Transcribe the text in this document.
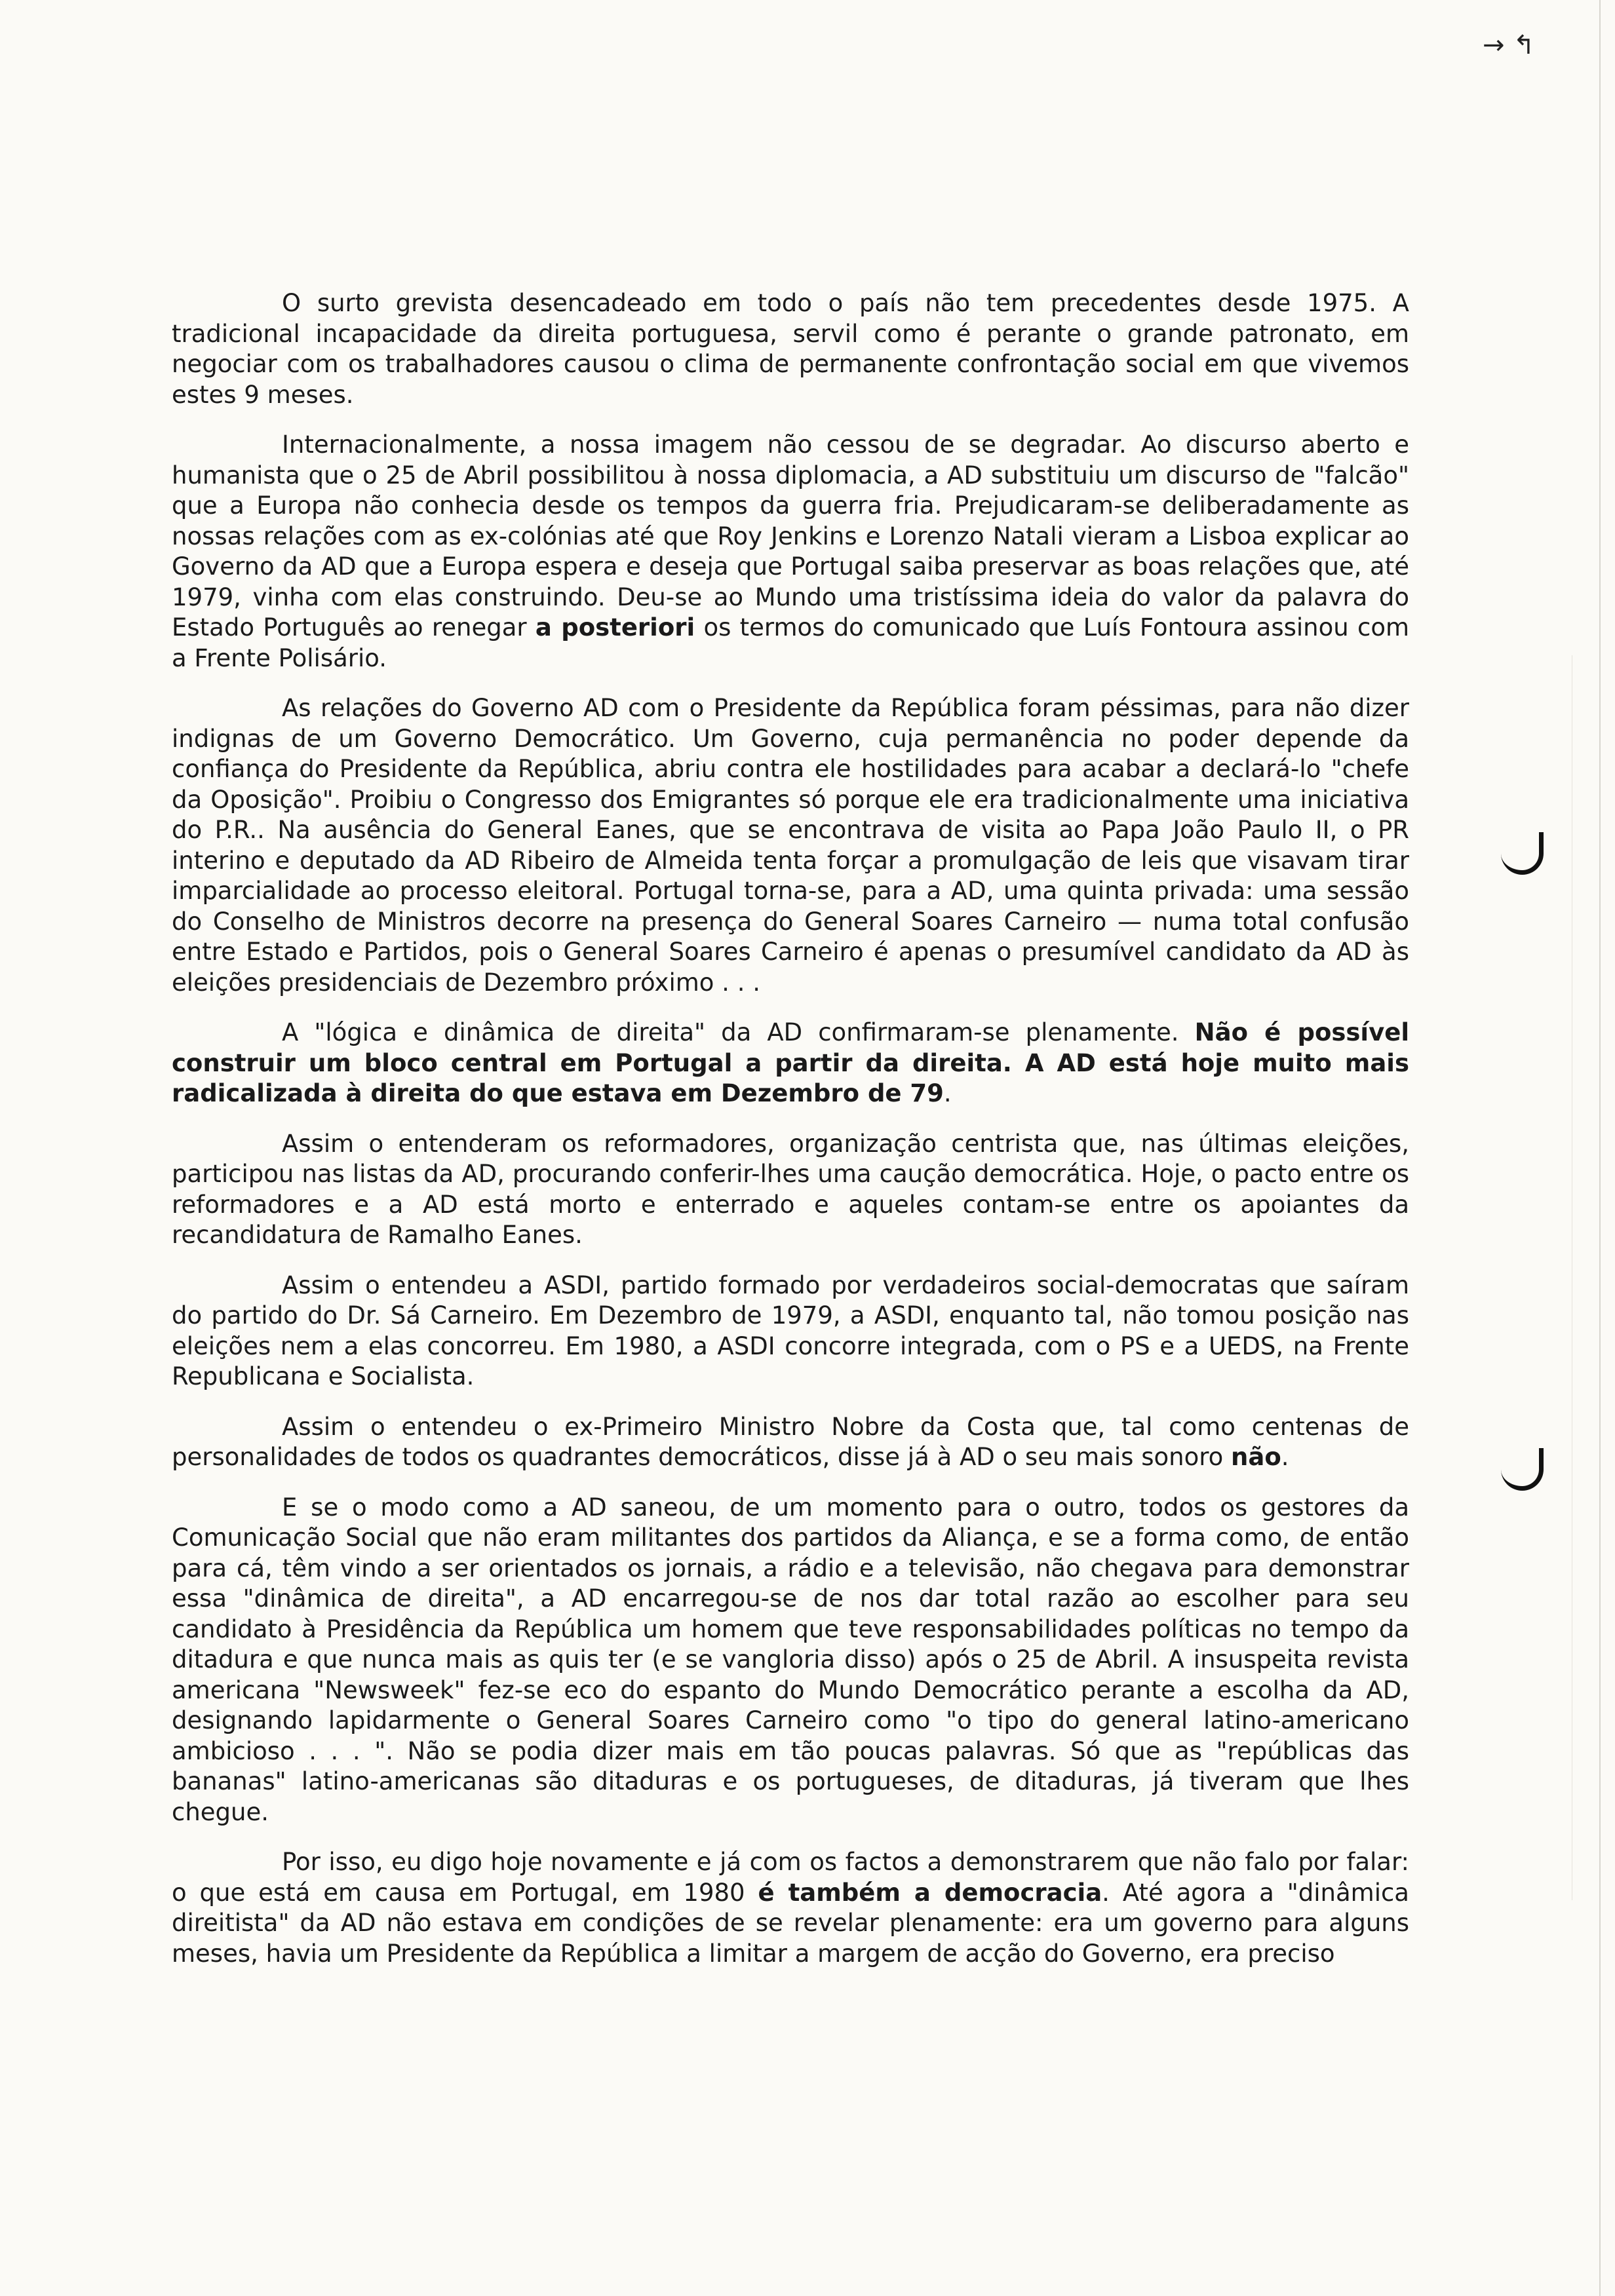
→ ↰

O surto grevista desencadeado em todo o país não tem precedentes desde 1975. A tradicional incapacidade da direita portuguesa, servil como é perante o grande patronato, em negociar com os trabalhadores causou o clima de permanente confrontação social em que vivemos estes 9 meses.

Internacionalmente, a nossa imagem não cessou de se degradar. Ao discurso aberto e humanista que o 25 de Abril possibilitou à nossa diplomacia, a AD substituiu um discurso de "falcão" que a Europa não conhecia desde os tempos da guerra fria. Prejudicaram-se deliberadamente as nossas relações com as ex-colónias até que Roy Jenkins e Lorenzo Natali vieram a Lisboa explicar ao Governo da AD que a Europa espera e deseja que Portugal saiba preservar as boas relações que, até 1979, vinha com elas construindo. Deu-se ao Mundo uma tristíssima ideia do valor da palavra do Estado Português ao renegar a posteriori os termos do comunicado que Luís Fontoura assinou com a Frente Polisário.

As relações do Governo AD com o Presidente da República foram péssimas, para não dizer indignas de um Governo Democrático. Um Governo, cuja permanência no poder depende da confiança do Presidente da República, abriu contra ele hostilidades para acabar a declará-lo "chefe da Oposição". Proibiu o Congresso dos Emigrantes só porque ele era tradicionalmente uma iniciativa do P.R.. Na ausência do General Eanes, que se encontrava de visita ao Papa João Paulo II, o PR interino e deputado da AD Ribeiro de Almeida tenta forçar a promulgação de leis que visavam tirar imparcialidade ao processo eleitoral. Portugal torna-se, para a AD, uma quinta privada: uma sessão do Conselho de Ministros decorre na presença do General Soares Carneiro — numa total confusão entre Estado e Partidos, pois o General Soares Carneiro é apenas o presumível candidato da AD às eleições presidenciais de Dezembro próximo . . .

A "lógica e dinâmica de direita" da AD confirmaram-se plenamente. Não é possível construir um bloco central em Portugal a partir da direita. A AD está hoje muito mais radicalizada à direita do que estava em Dezembro de 79.

Assim o entenderam os reformadores, organização centrista que, nas últimas eleições, participou nas listas da AD, procurando conferir-lhes uma caução democrática. Hoje, o pacto entre os reformadores e a AD está morto e enterrado e aqueles contam-se entre os apoiantes da recandidatura de Ramalho Eanes.

Assim o entendeu a ASDI, partido formado por verdadeiros social-democratas que saíram do partido do Dr. Sá Carneiro. Em Dezembro de 1979, a ASDI, enquanto tal, não tomou posição nas eleições nem a elas concorreu. Em 1980, a ASDI concorre integrada, com o PS e a UEDS, na Frente Republicana e Socialista.

Assim o entendeu o ex-Primeiro Ministro Nobre da Costa que, tal como centenas de personalidades de todos os quadrantes democráticos, disse já à AD o seu mais sonoro não.

E se o modo como a AD saneou, de um momento para o outro, todos os gestores da Comunicação Social que não eram militantes dos partidos da Aliança, e se a forma como, de então para cá, têm vindo a ser orientados os jornais, a rádio e a televisão, não chegava para demonstrar essa "dinâmica de direita", a AD encarregou-se de nos dar total razão ao escolher para seu candidato à Presidência da República um homem que teve responsabilidades políticas no tempo da ditadura e que nunca mais as quis ter (e se vangloria disso) após o 25 de Abril. A insuspeita revista americana "Newsweek" fez-se eco do espanto do Mundo Democrático perante a escolha da AD, designando lapidarmente o General Soares Carneiro como "o tipo do general latino-americano ambicioso . . . ". Não se podia dizer mais em tão poucas palavras. Só que as "repúblicas das bananas" latino-americanas são ditaduras e os portugueses, de ditaduras, já tiveram que lhes chegue.

Por isso, eu digo hoje novamente e já com os factos a demonstrarem que não falo por falar: o que está em causa em Portugal, em 1980 é também a democracia. Até agora a "dinâmica direitista" da AD não estava em condições de se revelar plenamente: era um governo para alguns meses, havia um Presidente da República a limitar a margem de acção do Governo, era preciso
